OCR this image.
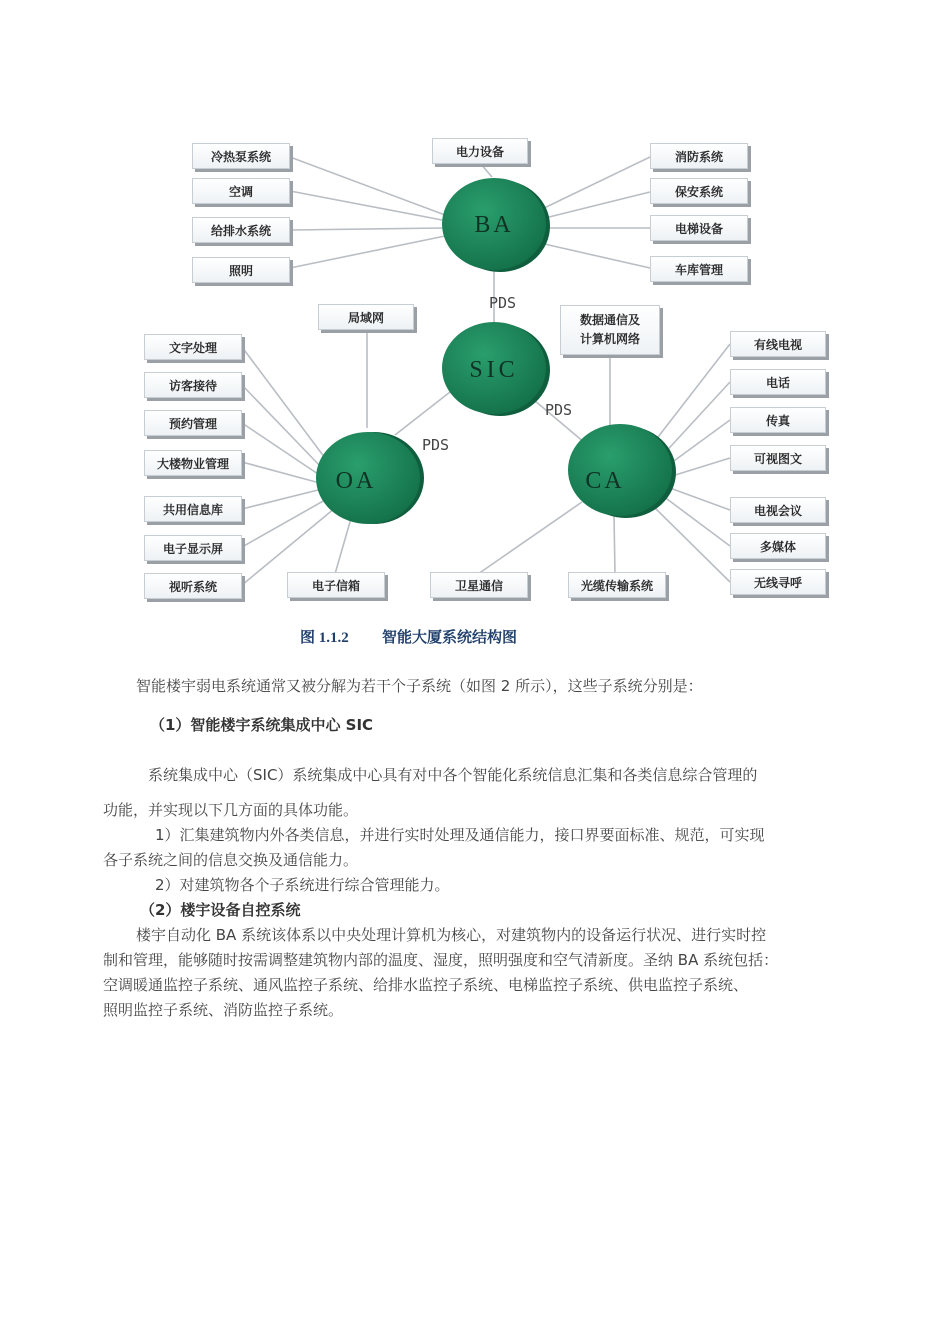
BA
SIC
OA	CA
PDS
PDS
PDS
冷热泵系统
空调
给排水系统
照明
电力设备	消防系统
保安系统
电梯设备
车库管理
局域网	数据通信及
计算机网络
文字处理
访客接待
预约管理
大楼物业管理
共用信息库
电子显示屏
视听系统	电子信箱
有线电视
电话
传真
可视图文
电视会议
多媒体
无线寻呼
卫星通信	光缆传输系统
图 1.1.2 智能大厦系统结构图
智能楼宇弱电系统通常又被分解为若干个子系统（如图 2 所示），这些子系统分别是：
（1）智能楼宇系统集成中心 SIC
系统集成中心（SIC）系统集成中心具有对中各个智能化系统信息汇集和各类信息综合管理的
功能，并实现以下几方面的具体功能。
1）汇集建筑物内外各类信息，并进行实时处理及通信能力，接口界要面标准、规范，可实现
各子系统之间的信息交换及通信能力。
2）对建筑物各个子系统进行综合管理能力。
（2）楼宇设备自控系统
楼宇自动化 BA 系统该体系以中央处理计算机为核心，对建筑物内的设备运行状况、进行实时控
制和管理，能够随时按需调整建筑物内部的温度、湿度，照明强度和空气清新度。圣纳 BA 系统包括：
空调暖通监控子系统、通风监控子系统、给排水监控子系统、电梯监控子系统、供电监控子系统、
照明监控子系统、消防监控子系统。
